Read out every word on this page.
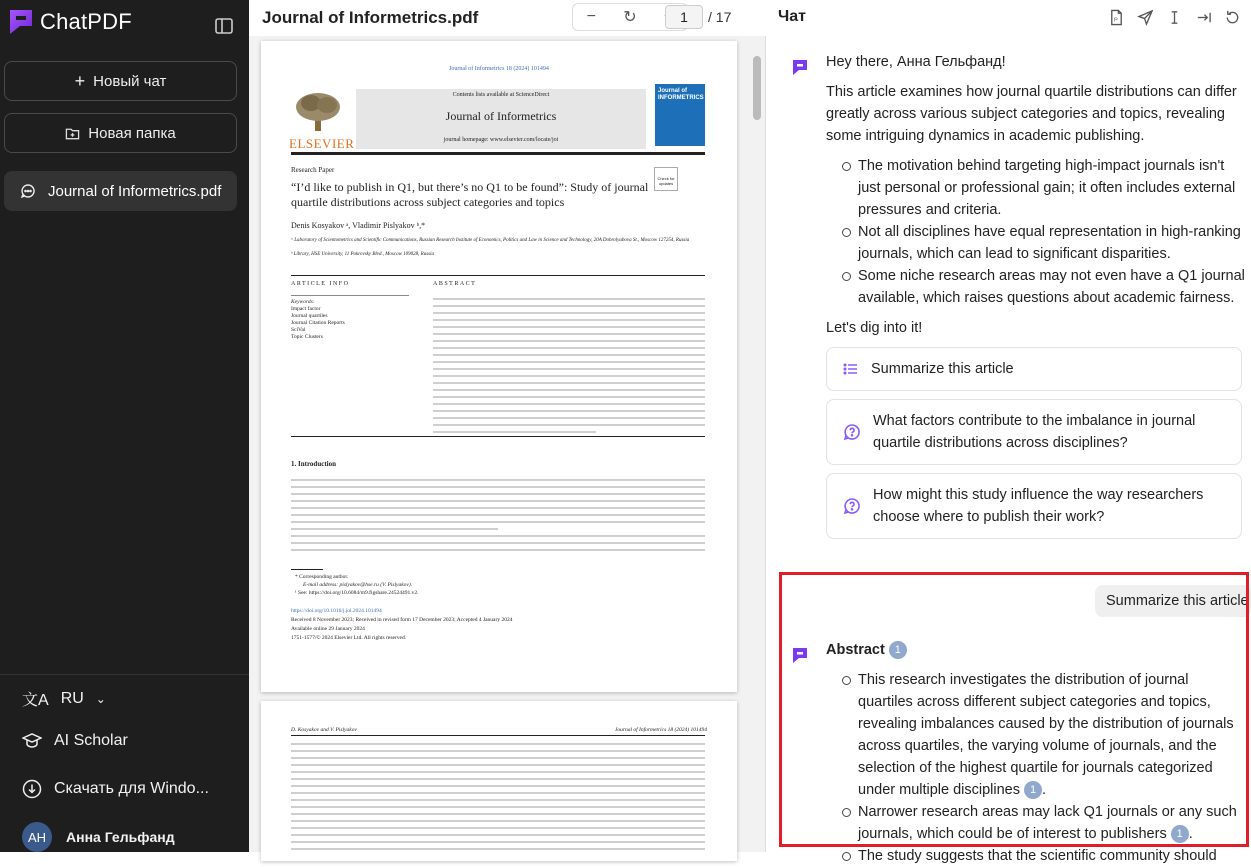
ChatPDF
+ Новый чат
Новая папка
Journal of Informetrics.pdf
文A RU ⌄
AI Scholar
Скачать для Windo...
АН	Анна Гельфанд
Journal of Informetrics.pdf	− ↻	1	/ 17
Journal of Informetrics 18 (2024) 101494
ELSEVIER
Contents lists available at ScienceDirect
Journal of Informetrics
journal homepage: www.elsevier.com/locate/joi
Journal of INFORMETRICS
Research Paper
“I’d like to publish in Q1, but there’s no Q1 to be found”: Study of journal quartile distributions across subject categories and topics
Check for updates
Denis Kosyakov ᵃ, Vladimir Pislyakov ᵇ,*
ᵃ Laboratory of Scientometrics and Scientific Communications, Russian Research Institute of Economics, Politics and Law in Science and Technology, 20A Dobrolyubova St., Moscow 127254, Russia
ᵇ Library, HSE University, 11 Pokrovsky Blvd., Moscow 109028, Russia
ARTICLE INFO	ABSTRACT
Keywords:
Impact factor
Journal quartiles
Journal Citation Reports
SciVal
Topic Clusters
1. Introduction
* Corresponding author.
E-mail address: pislyakov@hse.ru (V. Pislyakov).
¹ See: https://doi.org/10.6084/m9.figshare.24524491.v2.
https://doi.org/10.1016/j.joi.2024.101494
Received 8 November 2023; Received in revised form 17 December 2023; Accepted 4 January 2024
Available online 29 January 2024
1751-1577/© 2024 Elsevier Ltd. All rights reserved.
D. Kosyakov and V. Pislyakov	Journal of Informetrics 18 (2024) 101494
Чат	P
Hey there, Анна Гельфанд!
This article examines how journal quartile distributions can differ greatly across various subject categories and topics, revealing some intriguing dynamics in academic publishing.
The motivation behind targeting high-impact journals isn't just personal or professional gain; it often includes external pressures and criteria.
Not all disciplines have equal representation in high-ranking journals, which can lead to significant disparities.
Some niche research areas may not even have a Q1 journal available, which raises questions about academic fairness.
Let's dig into it!
Summarize this article
What factors contribute to the imbalance in journal quartile distributions across disciplines?
How might this study influence the way researchers choose where to publish their work?
Abstract 1
This research investigates the distribution of journal quartiles across different subject categories and topics, revealing imbalances caused by the distribution of journals across quartiles, the varying volume of journals, and the selection of the highest quartile for journals categorized under multiple disciplines 1 .
Narrower research areas may lack Q1 journals or any such journals, which could be of interest to publishers 1 .
The study suggests that the scientific community should
Summarize this article
